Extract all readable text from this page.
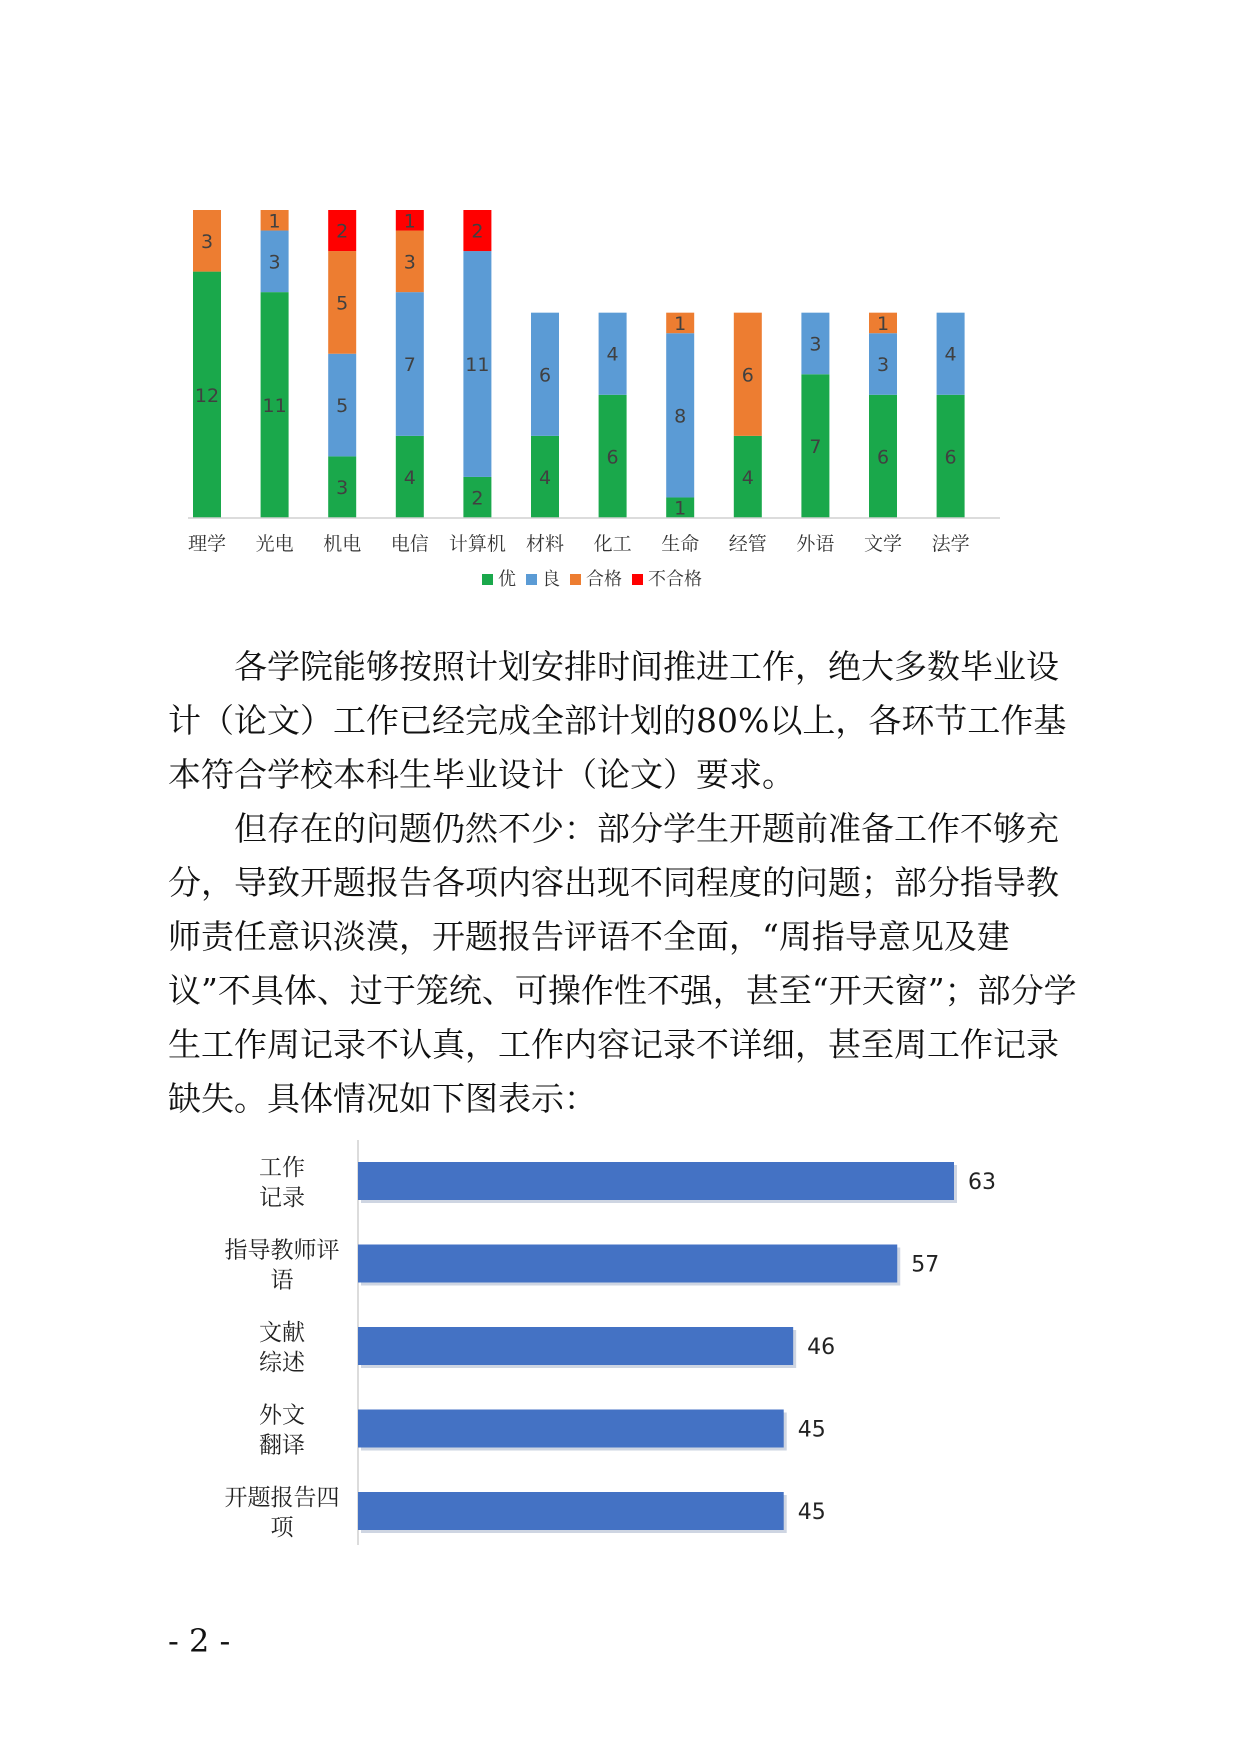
12
3
理学
11
3
1
光电
3
5
5
2
机电
4
7
3
1
电信
2
11
2
计算机
4
6
材料
6
4
化工
1
8
1
生命
4
6
经管
7
3
外语
6
3
1
文学
6
4
法学
优 良 合格 不合格

各学院能够按照计划安排时间推进工作，绝大多数毕业设计（论文）工作已经完成全部计划的80%以上，各环节工作基本符合学校本科生毕业设计（论文）要求。

但存在的问题仍然不少：部分学生开题前准备工作不够充分，导致开题报告各项内容出现不同程度的问题；部分指导教师责任意识淡漠，开题报告评语不全面，“周指导意见及建议”不具体、过于笼统、可操作性不强，甚至“开天窗”；部分学生工作周记录不认真，工作内容记录不详细，甚至周工作记录缺失。具体情况如下图表示：

63
工作
记录
57
指导教师评
语
46
文献
综述
45
外文
翻译
45
开题报告四
项
- 2 -
